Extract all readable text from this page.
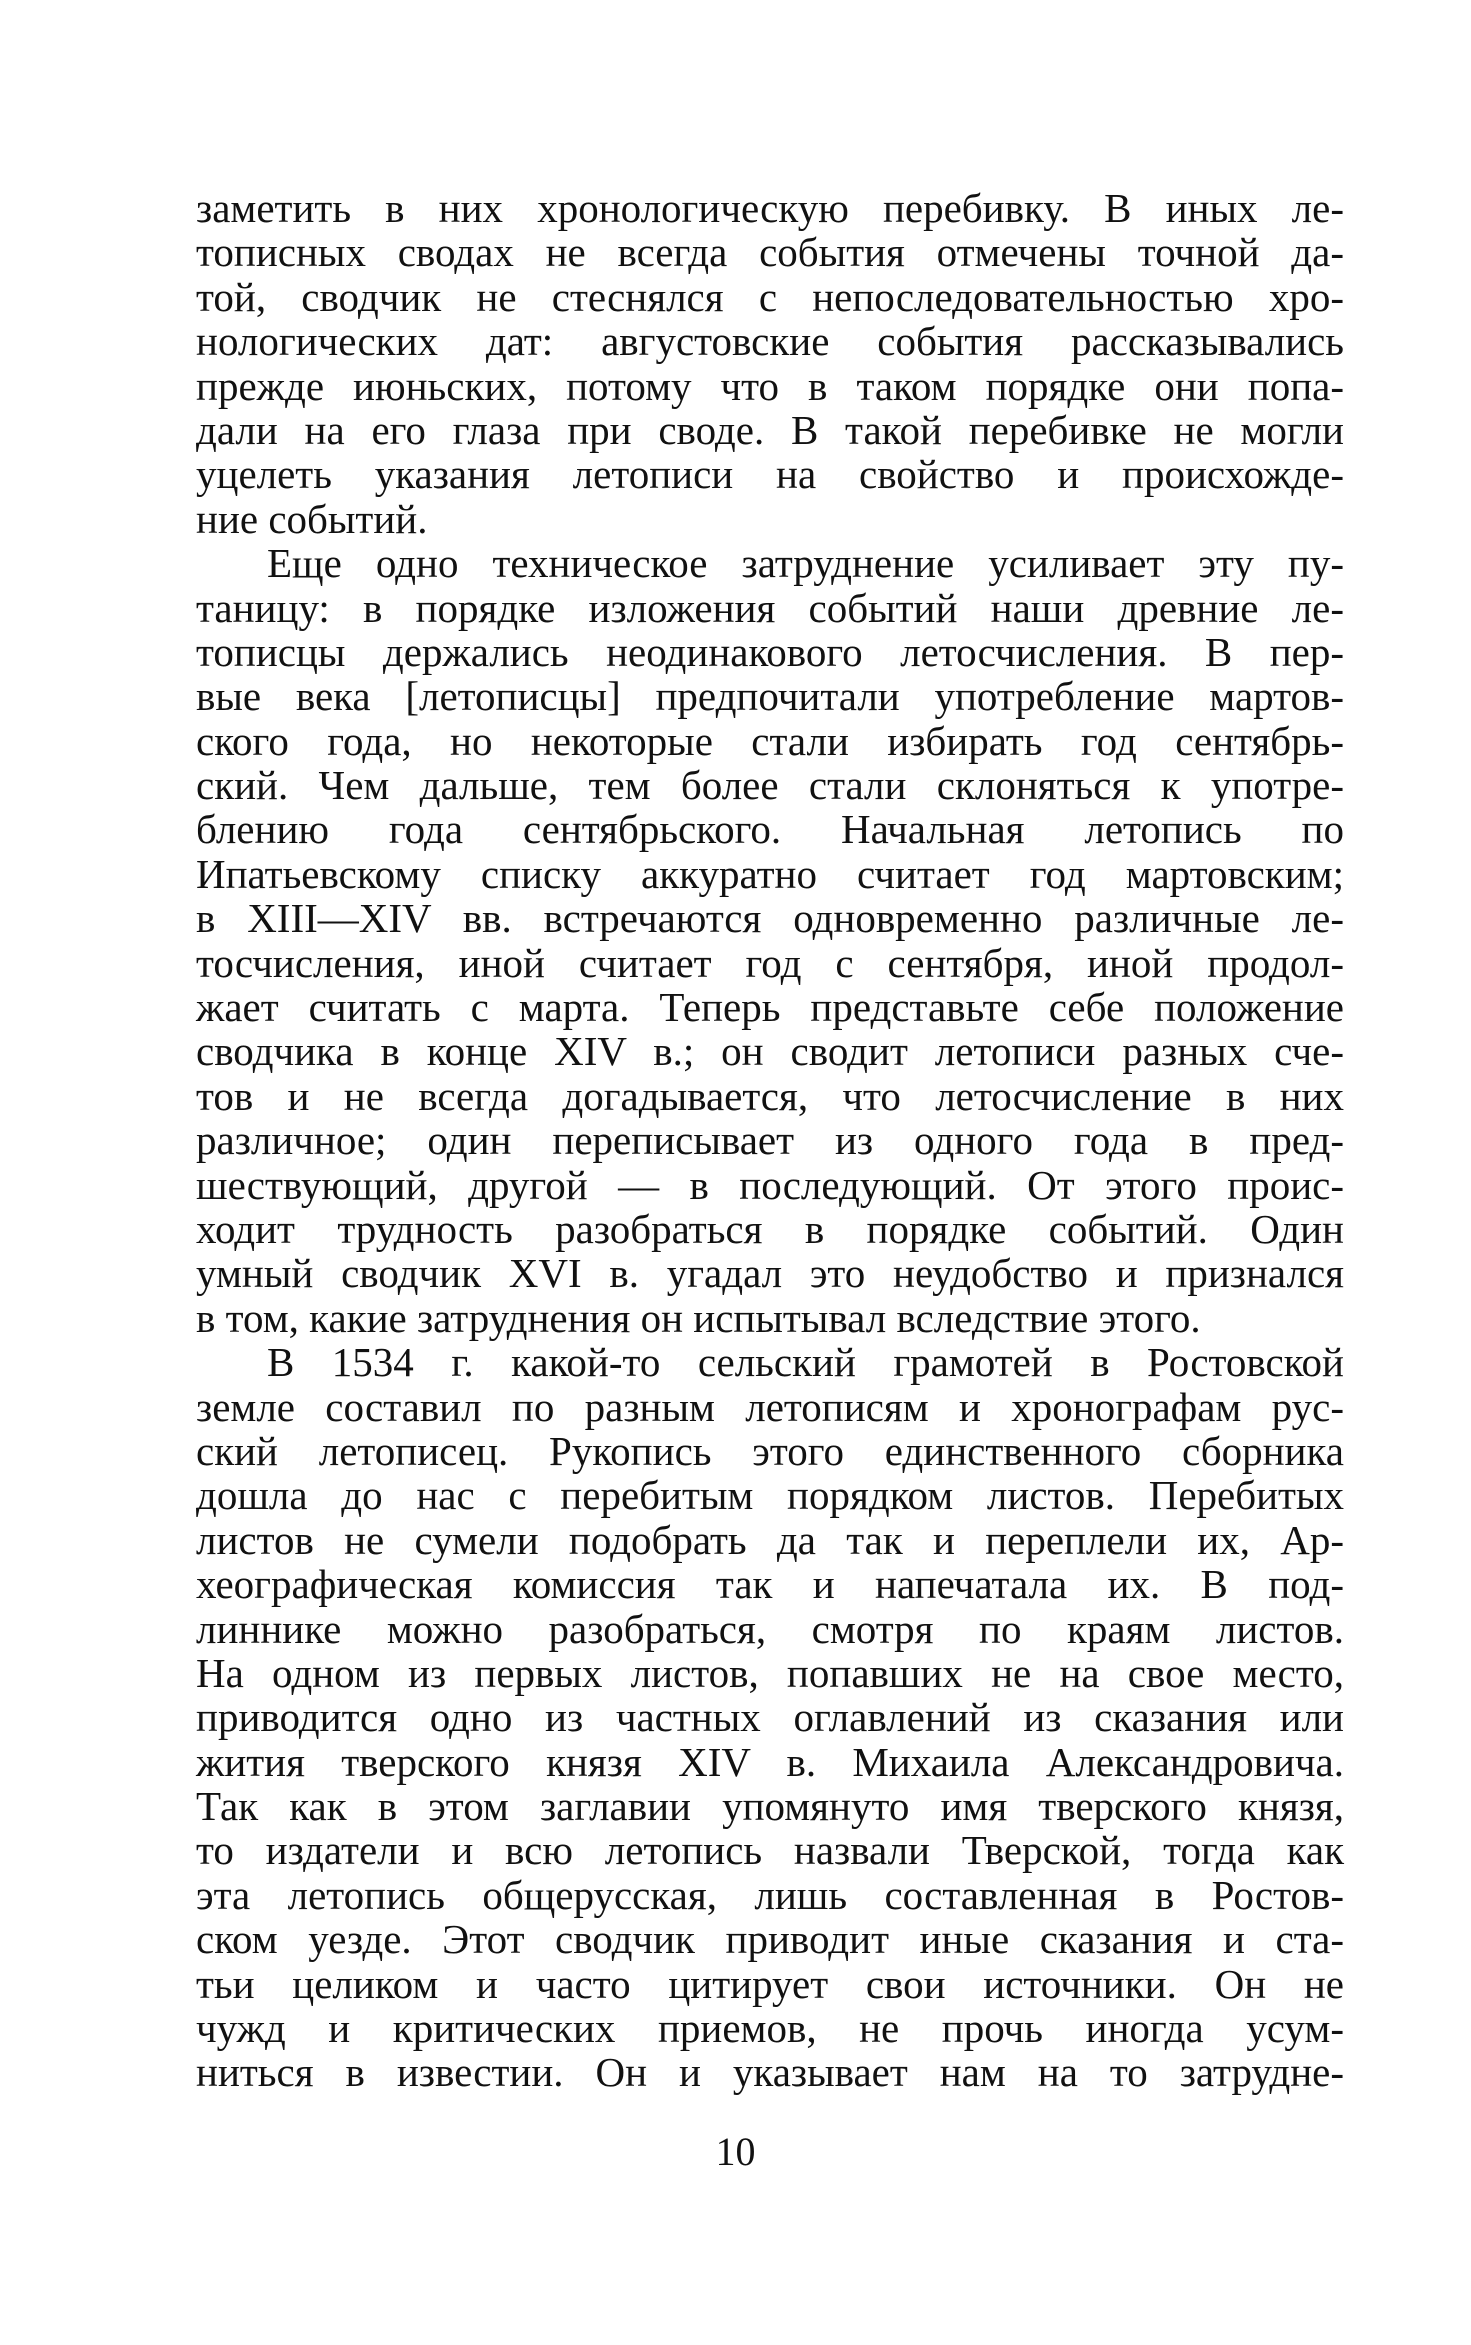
заметить в них хронологическую перебивку. В иных ле-
тописных сводах не всегда события отмечены точной да-
той, сводчик не стеснялся с непоследовательностью хро-
нологических дат: августовские события рассказывались
прежде июньских, потому что в таком порядке они попа-
дали на его глаза при своде. В такой перебивке не могли
уцелеть указания летописи на свойство и происхожде-
ние событий.
Еще одно техническое затруднение усиливает эту пу-
таницу: в порядке изложения событий наши древние ле-
тописцы держались неодинакового летосчисления. В пер-
вые века [летописцы] предпочитали употребление мартов-
ского года, но некоторые стали избирать год сентябрь-
ский. Чем дальше, тем более стали склоняться к употре-
блению года сентябрьского. Начальная летопись по
Ипатьевскому списку аккуратно считает год мартовским;
в XIII—XIV вв. встречаются одновременно различные ле-
тосчисления, иной считает год с сентября, иной продол-
жает считать с марта. Теперь представьте себе положение
сводчика в конце XIV в.; он сводит летописи разных сче-
тов и не всегда догадывается, что летосчисление в них
различное; один переписывает из одного года в пред-
шествующий, другой — в последующий. От этого проис-
ходит трудность разобраться в порядке событий. Один
умный сводчик XVI в. угадал это неудобство и признался
в том, какие затруднения он испытывал вследствие этого.
В 1534 г. какой-то сельский грамотей в Ростовской
земле составил по разным летописям и хронографам рус-
ский летописец. Рукопись этого единственного сборника
дошла до нас с перебитым порядком листов. Перебитых
листов не сумели подобрать да так и переплели их, Ар-
хеографическая комиссия так и напечатала их. В под-
линнике можно разобраться, смотря по краям листов.
На одном из первых листов, попавших не на свое место,
приводится одно из частных оглавлений из сказания или
жития тверского князя XIV в. Михаила Александровича.
Так как в этом заглавии упомянуто имя тверского князя,
то издатели и всю летопись назвали Тверской, тогда как
эта летопись общерусская, лишь составленная в Ростов-
ском уезде. Этот сводчик приводит иные сказания и ста-
тьи целиком и часто цитирует свои источники. Он не
чужд и критических приемов, не прочь иногда усум-
ниться в известии. Он и указывает нам на то затрудне-
10
